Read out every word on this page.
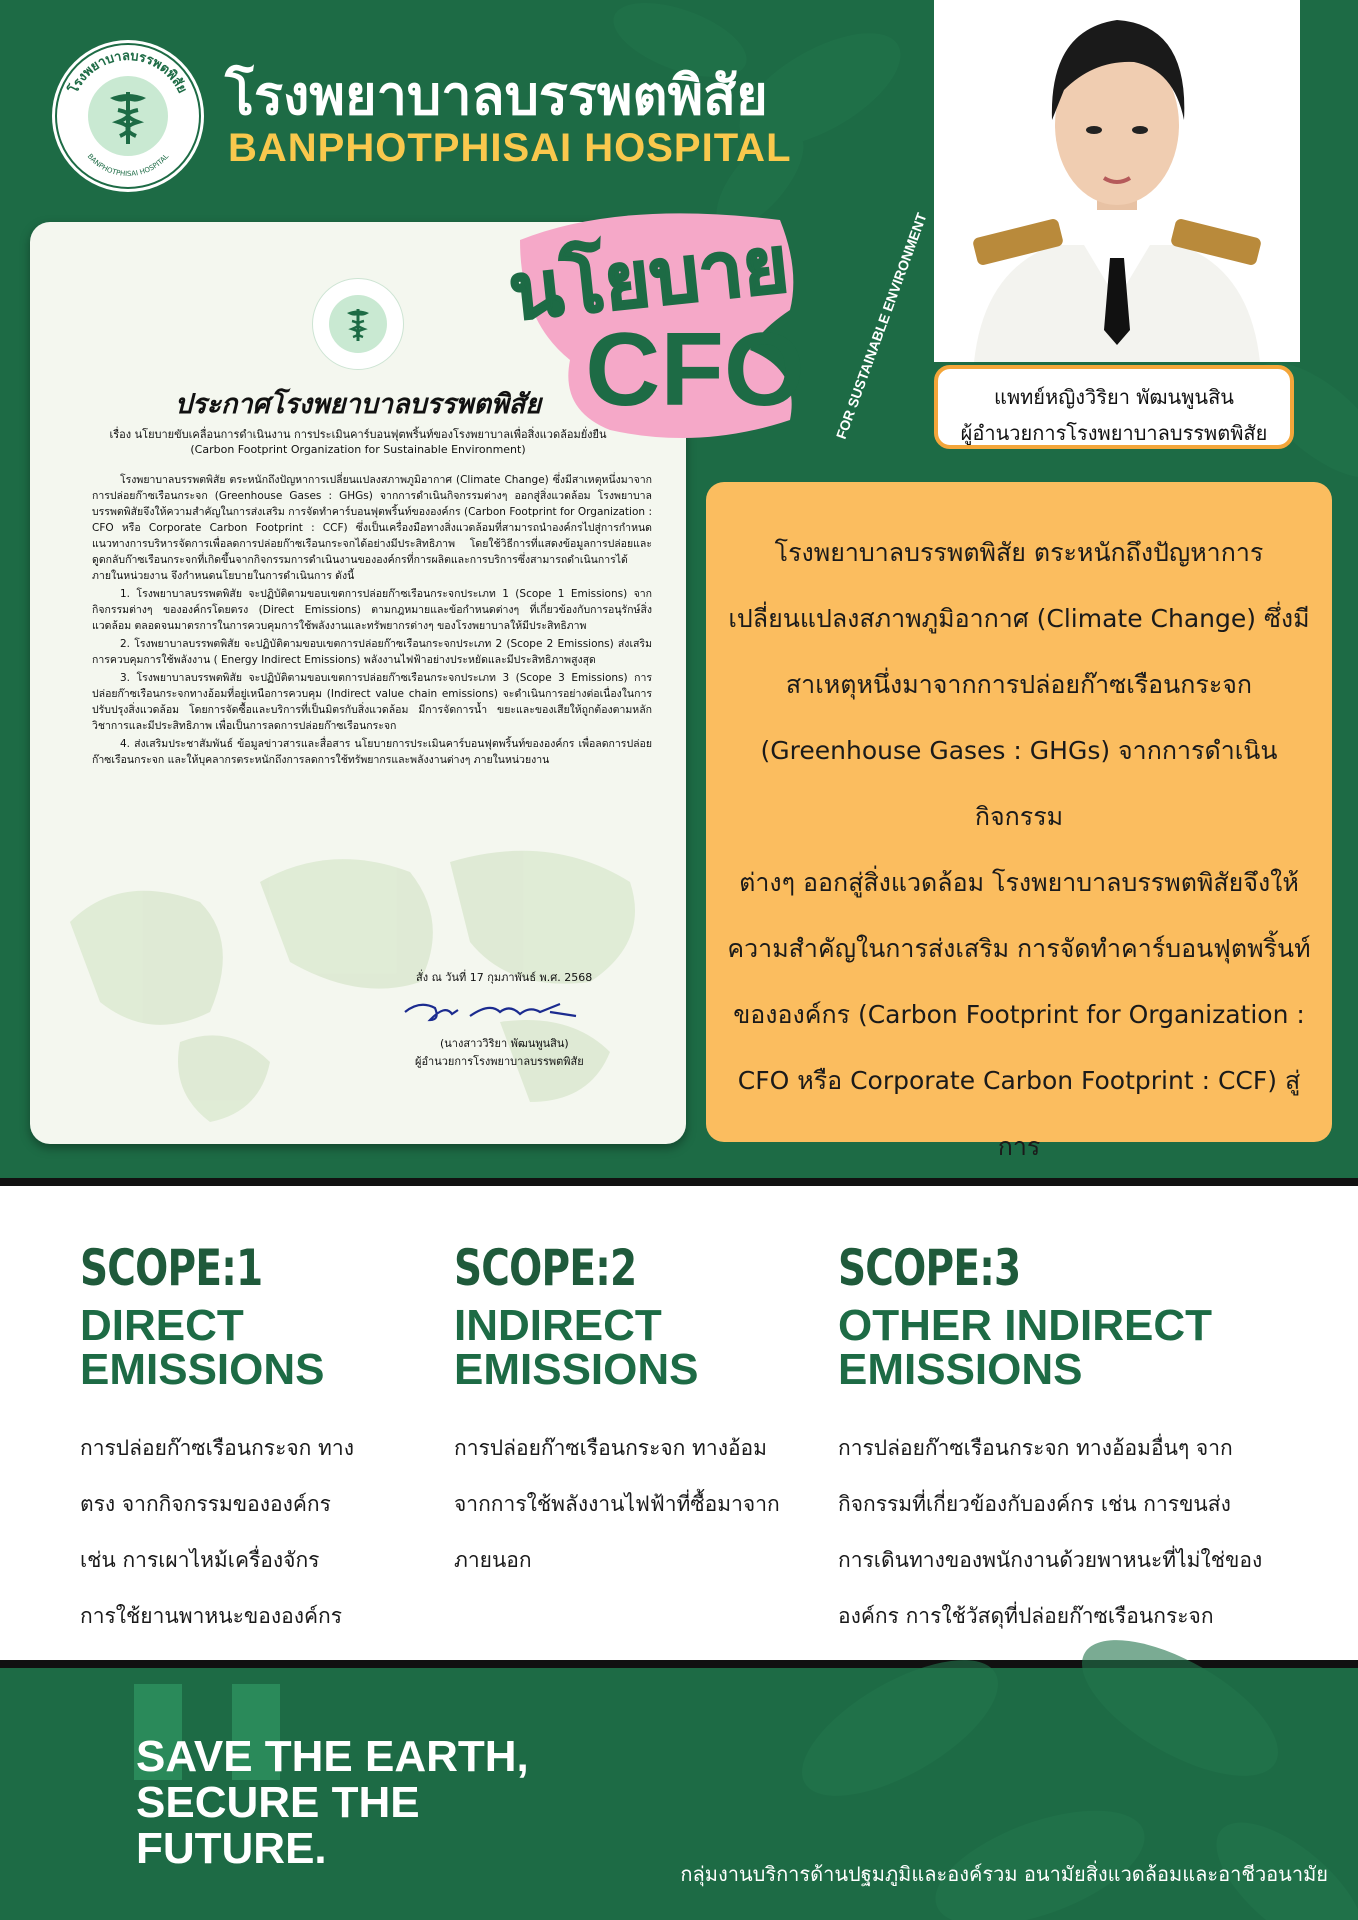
โรงพยาบาลบรรพตพิสัย
BANPHOTPHISAI HOSPITAL
โรงพยาบาลบรรพตพิสัย
BANPHOTPHISAI HOSPITAL
ประกาศโรงพยาบาลบรรพตพิสัย
เรื่อง นโยบายขับเคลื่อนการดำเนินงาน การประเมินคาร์บอนฟุตพริ้นท์ของโรงพยาบาลเพื่อสิ่งแวดล้อมยั่งยืน
(Carbon Footprint Organization for Sustainable Environment)

โรงพยาบาลบรรพตพิสัย ตระหนักถึงปัญหาการเปลี่ยนแปลงสภาพภูมิอากาศ (Climate Change) ซึ่งมีสาเหตุหนึ่งมาจากการปล่อยก๊าซเรือนกระจก (Greenhouse Gases : GHGs) จากการดำเนินกิจกรรมต่างๆ ออกสู่สิ่งแวดล้อม โรงพยาบาลบรรพตพิสัยจึงให้ความสำคัญในการส่งเสริม การจัดทำคาร์บอนฟุตพริ้นท์ขององค์กร (Carbon Footprint for Organization : CFO หรือ Corporate Carbon Footprint : CCF) ซึ่งเป็นเครื่องมือทางสิ่งแวดล้อมที่สามารถนำองค์กรไปสู่การกำหนดแนวทางการบริหารจัดการเพื่อลดการปล่อยก๊าซเรือนกระจกได้อย่างมีประสิทธิภาพ โดยใช้วิธีการที่แสดงข้อมูลการปล่อยและดูดกลับก๊าซเรือนกระจกที่เกิดขึ้นจากกิจกรรมการดำเนินงานขององค์กรที่การผลิตและการบริการซึ่งสามารถดำเนินการได้ภายในหน่วยงาน จึงกำหนดนโยบายในการดำเนินการ ดังนี้

1. โรงพยาบาลบรรพตพิสัย จะปฏิบัติตามขอบเขตการปล่อยก๊าซเรือนกระจกประเภท 1 (Scope 1 Emissions) จากกิจกรรมต่างๆ ขององค์กรโดยตรง (Direct Emissions) ตามกฎหมายและข้อกำหนดต่างๆ ที่เกี่ยวข้องกับการอนุรักษ์สิ่งแวดล้อม ตลอดจนมาตรการในการควบคุมการใช้พลังงานและทรัพยากรต่างๆ ของโรงพยาบาลให้มีประสิทธิภาพ

2. โรงพยาบาลบรรพตพิสัย จะปฏิบัติตามขอบเขตการปล่อยก๊าซเรือนกระจกประเภท 2 (Scope 2 Emissions) ส่งเสริมการควบคุมการใช้พลังงาน ( Energy Indirect Emissions) พลังงานไฟฟ้าอย่างประหยัดและมีประสิทธิภาพสูงสุด

3. โรงพยาบาลบรรพตพิสัย จะปฏิบัติตามขอบเขตการปล่อยก๊าซเรือนกระจกประเภท 3 (Scope 3 Emissions) การปล่อยก๊าซเรือนกระจกทางอ้อมที่อยู่เหนือการควบคุม (Indirect value chain emissions) จะดำเนินการอย่างต่อเนื่องในการปรับปรุงสิ่งแวดล้อม โดยการจัดซื้อและบริการที่เป็นมิตรกับสิ่งแวดล้อม มีการจัดการน้ำ ขยะและของเสียให้ถูกต้องตามหลักวิชาการและมีประสิทธิภาพ เพื่อเป็นการลดการปล่อยก๊าซเรือนกระจก

4. ส่งเสริมประชาสัมพันธ์ ข้อมูลข่าวสารและสื่อสาร นโยบายการประเมินคาร์บอนฟุตพริ้นท์ขององค์กร เพื่อลดการปล่อยก๊าซเรือนกระจก และให้บุคลากรตระหนักถึงการลดการใช้ทรัพยากรและพลังงานต่างๆ ภายในหน่วยงาน

สั่ง ณ วันที่ 17 กุมภาพันธ์ พ.ศ. 2568
(นางสาววิริยา พัฒนพูนสิน)
ผู้อำนวยการโรงพยาบาลบรรพตพิสัย
นโยบาย
CFO FOR SUSTAINABLE ENVIRONMENT	แพทย์หญิงวิริยา พัฒนพูนสิน
ผู้อำนวยการโรงพยาบาลบรรพตพิสัย
โรงพยาบาลบรรพตพิสัย ตระหนักถึงปัญหาการ
เปลี่ยนแปลงสภาพภูมิอากาศ (Climate Change) ซึ่งมี
สาเหตุหนึ่งมาจากการปล่อยก๊าซเรือนกระจก
(Greenhouse Gases : GHGs) จากการดำเนินกิจกรรม
ต่างๆ ออกสู่สิ่งแวดล้อม โรงพยาบาลบรรพตพิสัยจึงให้
ความสำคัญในการส่งเสริม การจัดทำคาร์บอนฟุตพริ้นท์
ขององค์กร (Carbon Footprint for Organization :
CFO หรือ Corporate Carbon Footprint : CCF) สู่การ
SCOPE:1
DIRECT
EMISSIONS
การปล่อยก๊าซเรือนกระจก ทาง
ตรง จากกิจกรรมขององค์กร
เช่น การเผาไหม้เครื่องจักร
การใช้ยานพาหนะขององค์กร
SCOPE:2
INDIRECT
EMISSIONS
การปล่อยก๊าซเรือนกระจก ทางอ้อม
จากการใช้พลังงานไฟฟ้าที่ซื้อมาจาก
ภายนอก
SCOPE:3
OTHER INDIRECT
EMISSIONS
การปล่อยก๊าซเรือนกระจก ทางอ้อมอื่นๆ จาก
กิจกรรมที่เกี่ยวข้องกับองค์กร เช่น การขนส่ง
การเดินทางของพนักงานด้วยพาหนะที่ไม่ใช่ของ
องค์กร การใช้วัสดุที่ปล่อยก๊าซเรือนกระจก
SAVE THE EARTH,
SECURE THE
FUTURE.
กลุ่มงานบริการด้านปฐมภูมิและองค์รวม อนามัยสิ่งแวดล้อมและอาชีวอนามัย
